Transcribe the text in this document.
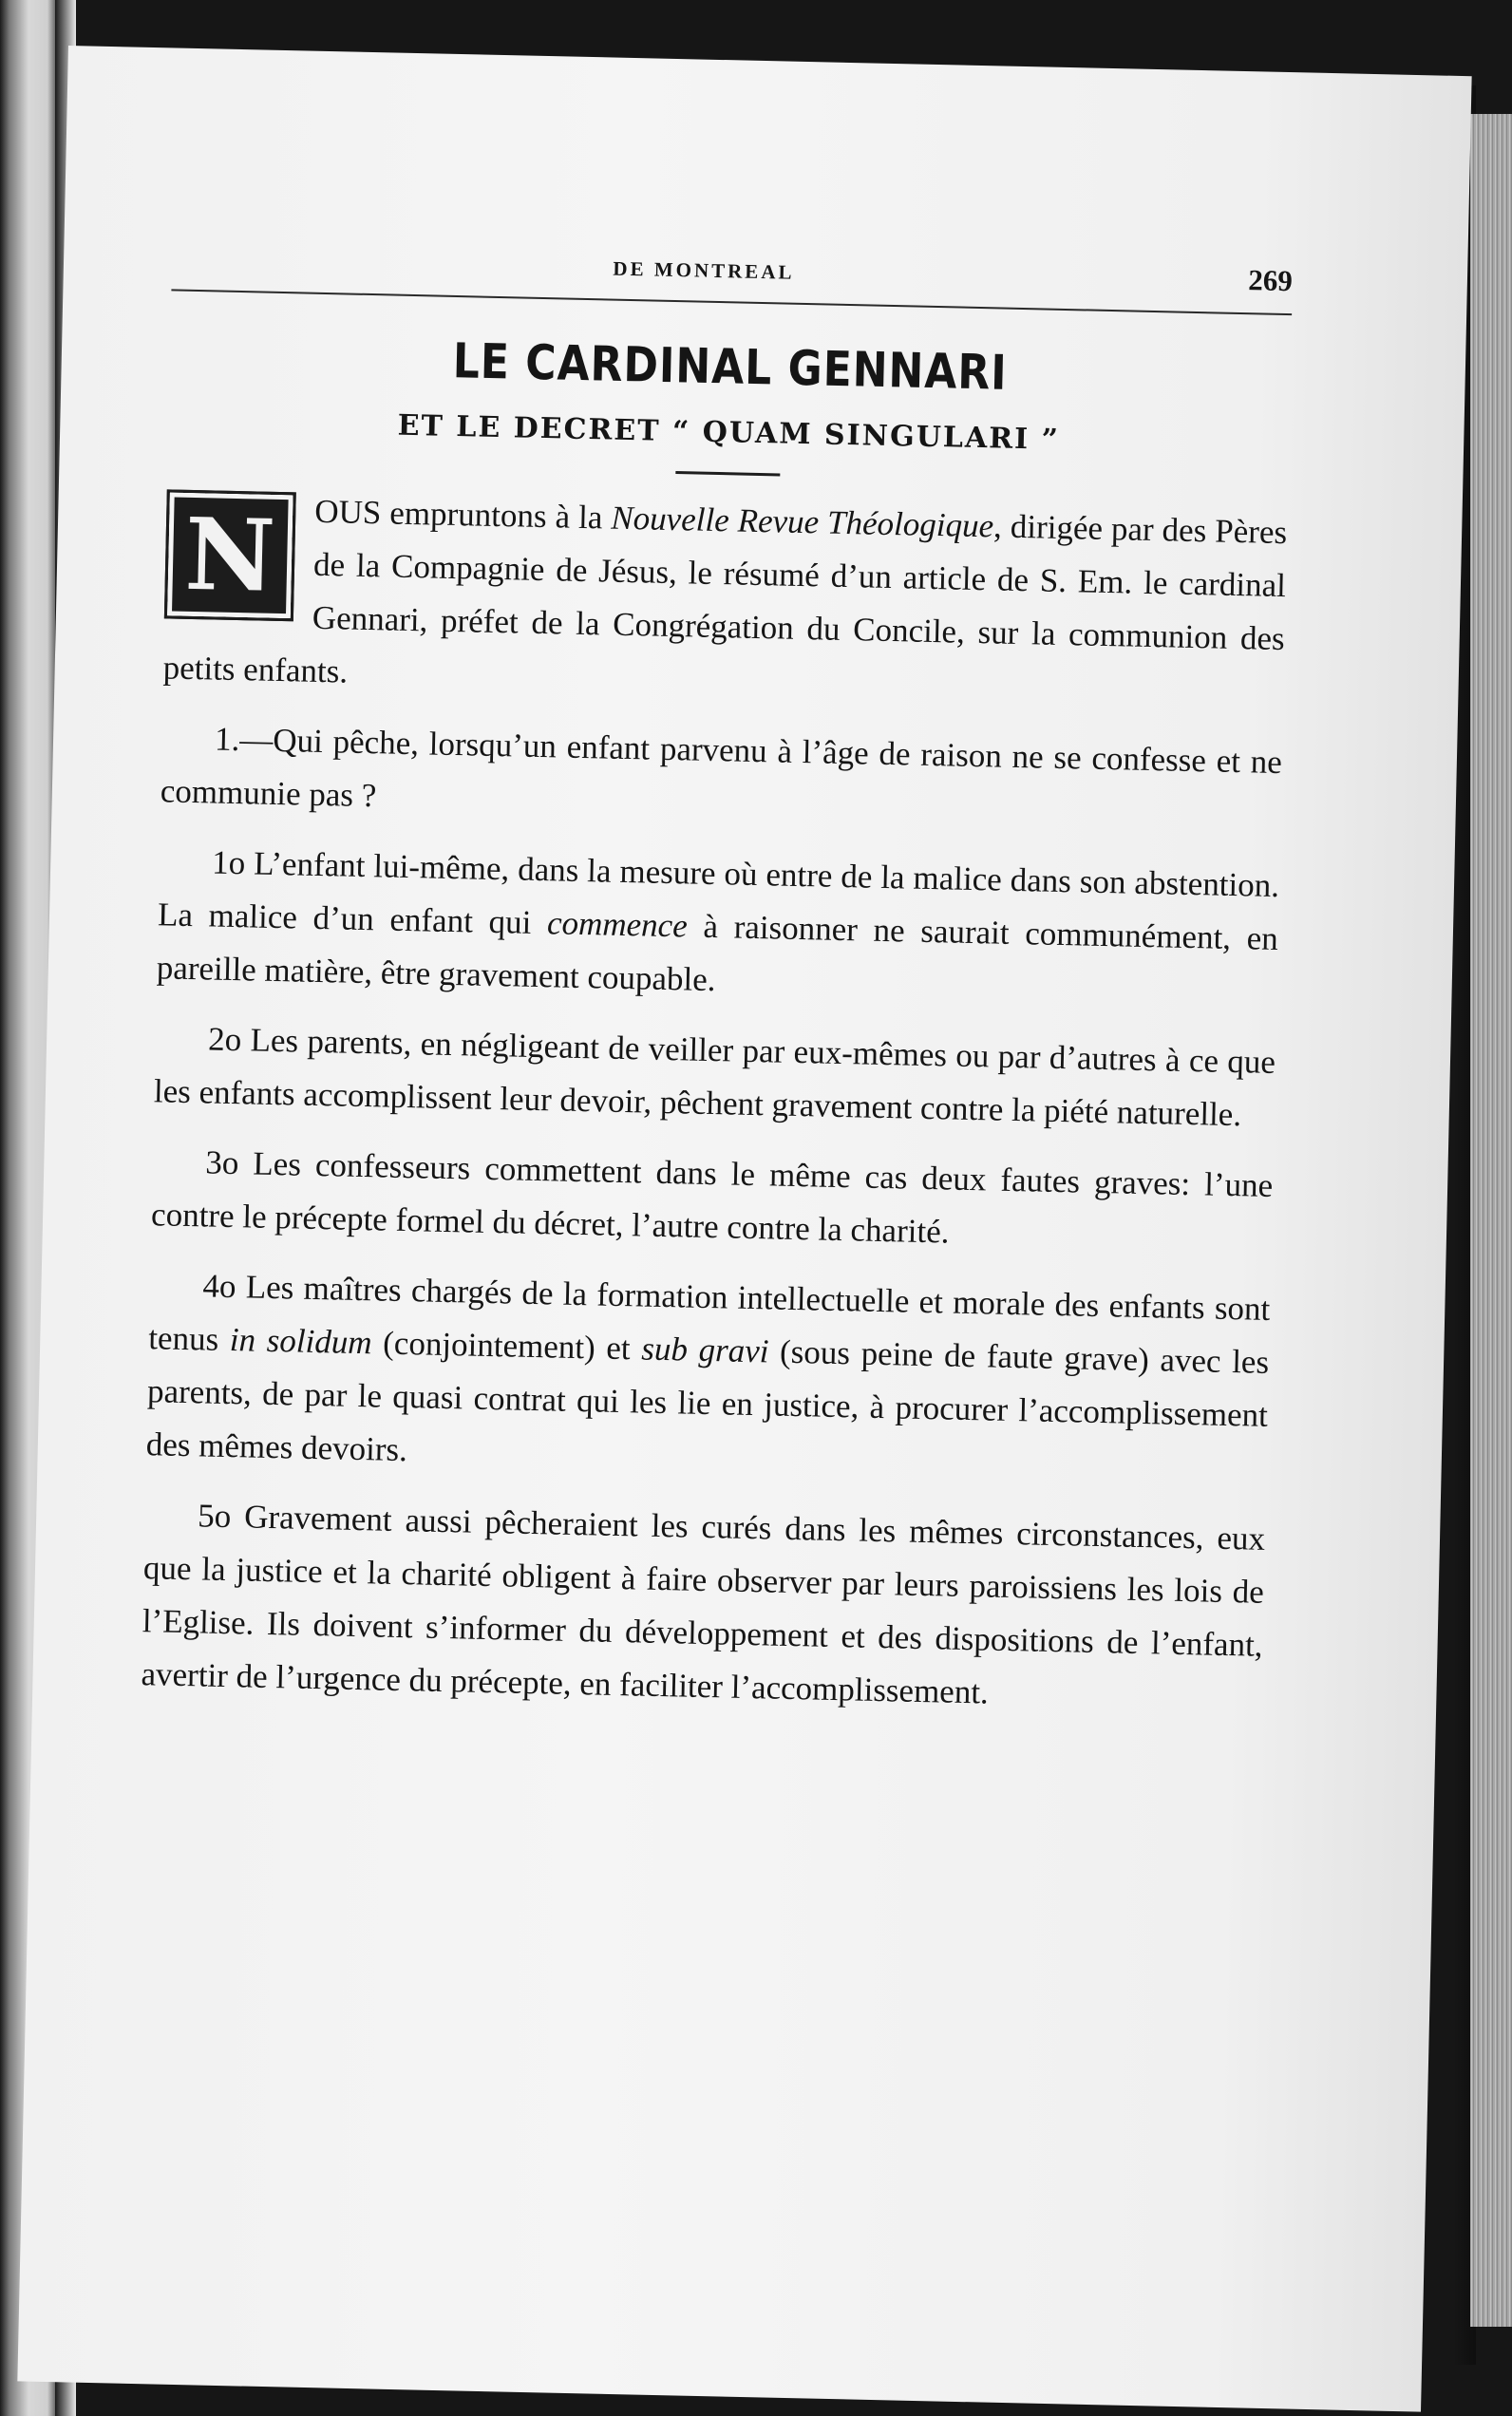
DE MONTREAL	269
LE CARDINAL GENNARI
ET LE DECRET “ QUAM SINGULARI ”

N OUS empruntons à la Nouvelle Revue Théologique, dirigée par des Pères de la Compagnie de Jésus, le résumé d’un article de S. Em. le cardinal Gennari, préfet de la Congrégation du Concile, sur la communion des petits enfants.

1.—Qui pêche, lorsqu’un enfant parvenu à l’âge de raison ne se confesse et ne communie pas ?

1o L’enfant lui-même, dans la mesure où entre de la malice dans son abstention. La malice d’un enfant qui commence à raisonner ne saurait communément, en pareille matière, être gravement coupable.

2o Les parents, en négligeant de veiller par eux-mêmes ou par d’autres à ce que les enfants accomplissent leur devoir, pêchent gravement contre la piété naturelle.

3o Les confesseurs commettent dans le même cas deux fautes graves: l’une contre le précepte formel du décret, l’autre contre la charité.

4o Les maîtres chargés de la formation intellectuelle et morale des enfants sont tenus in solidum (conjointement) et sub gravi (sous peine de faute grave) avec les parents, de par le quasi contrat qui les lie en justice, à procurer l’accomplissement des mêmes devoirs.

5o Gravement aussi pêcheraient les curés dans les mêmes circonstances, eux que la justice et la charité obligent à faire observer par leurs paroissiens les lois de l’Eglise. Ils doivent s’informer du développement et des dispositions de l’enfant, avertir de l’urgence du précepte, en faciliter l’accomplissement.
